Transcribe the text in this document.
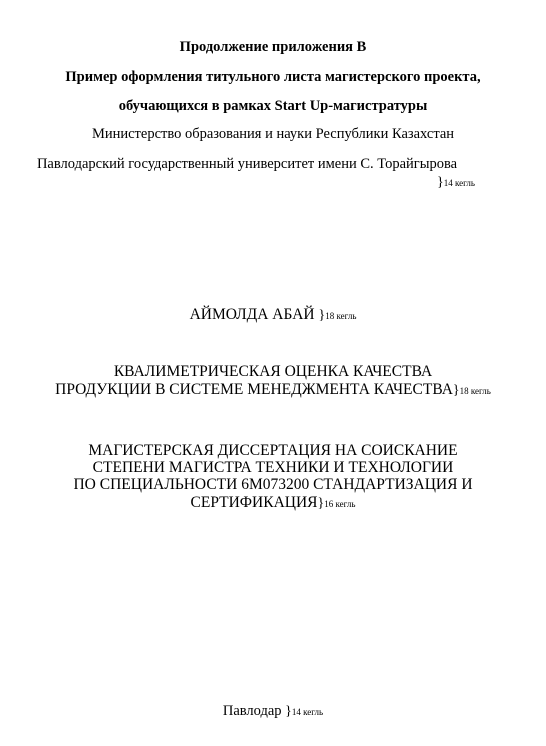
Продолжение приложения В
Пример оформления титульного листа магистерского проекта,
обучающихся в рамках Start Up-магистратуры
Министерство образования и науки Республики Казахстан
Павлодарский государственный университет имени С. Торайгырова
}14 кегль
АЙМОЛДА АБАЙ }18 кегль
КВАЛИМЕТРИЧЕСКАЯ ОЦЕНКА КАЧЕСТВА
ПРОДУКЦИИ В СИСТЕМЕ МЕНЕДЖМЕНТА КАЧЕСТВА}18 кегль
МАГИСТЕРСКАЯ ДИССЕРТАЦИЯ НА СОИСКАНИЕ
СТЕПЕНИ МАГИСТРА ТЕХНИКИ И ТЕХНОЛОГИИ
ПО СПЕЦИАЛЬНОСТИ 6М073200 СТАНДАРТИЗАЦИЯ И
СЕРТИФИКАЦИЯ}16 кегль
Павлодар }14 кегль
